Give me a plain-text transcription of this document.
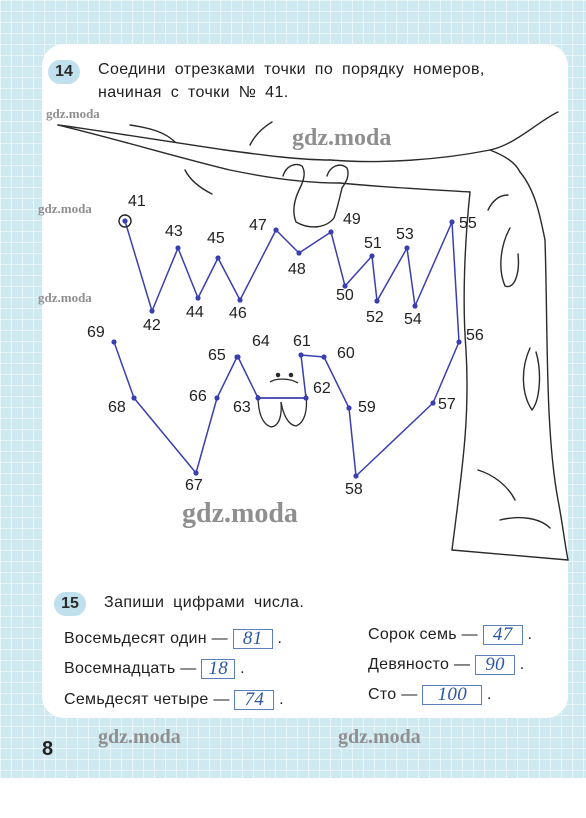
14	Соедини отрезками точки по порядку номеров,
начиная с точки № 41.
41
42
43
44
45
46
47
48
49
50
51
52
53
54
55
56
57
58
59
60
61
62
63
64
65
66
67
68
69
15	Запиши цифрами числа.
Восемьдесят один — 81 .
Восемнадцать — 18 .
Семьдесят четыре — 74 .
Сорок семь — 47 .
Девяносто — 90 .
Сто — 100 .
gdz.moda
gdz.moda
gdz.moda
gdz.moda
gdz.moda
gdz.moda	gdz.moda
8
